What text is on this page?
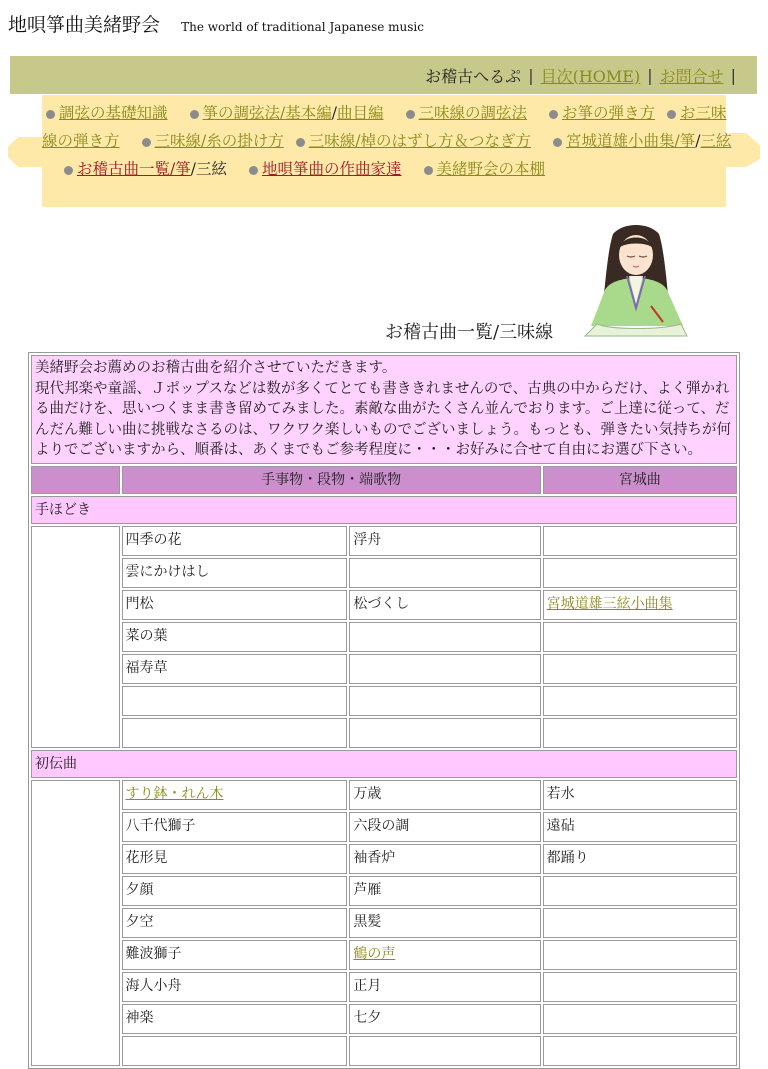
地唄箏曲美緒野会 The world of traditional Japanese music
お稽古へるぷ | 目次(HOME) | お問合せ |
調弦の基礎知識 箏の調弦法/基本編/曲目編 三味線の調弦法 お箏の弾き方 お三味線の弾き方 三味線/糸の掛け方 三味線/棹のはずし方＆つなぎ方 宮城道雄小曲集/箏/三絃お稽古曲一覧/箏/三絃 地唄箏曲の作曲家達 美緒野会の本棚
お稽古曲一覧/三味線
美緒野会お薦めのお稽古曲を紹介させていただきます。
現代邦楽や童謡、Ｊポップスなどは数が多くてとても書ききれませんので、古典の中からだけ、よく弾かれる曲だけを、思いつくまま書き留めてみました。素敵な曲がたくさん並んでおります。ご上達に従って、だんだん難しい曲に挑戦なさるのは、ワクワク楽しいものでございましょう。もっとも、弾きたい気持ちが何よりでございますから、順番は、あくまでもご参考程度に・・・お好みに合せて自由にお選び下さい。			

	手事物・段物・端歌物		宮城曲
手ほどき			
	四季の花	浮舟	
	雲にかけはし		
	門松	松づくし	宮城道雄三絃小曲集
	菜の葉		
	福寿草		

初伝曲			
	すり鉢・れん木	万歳	若水
	八千代獅子	六段の調	遠砧
	花形見	袖香炉	都踊り
	夕顔	芦雁	
	夕空	黒髪	
	難波獅子	鶴の声	
	海人小舟	正月	
	神楽	七夕	
